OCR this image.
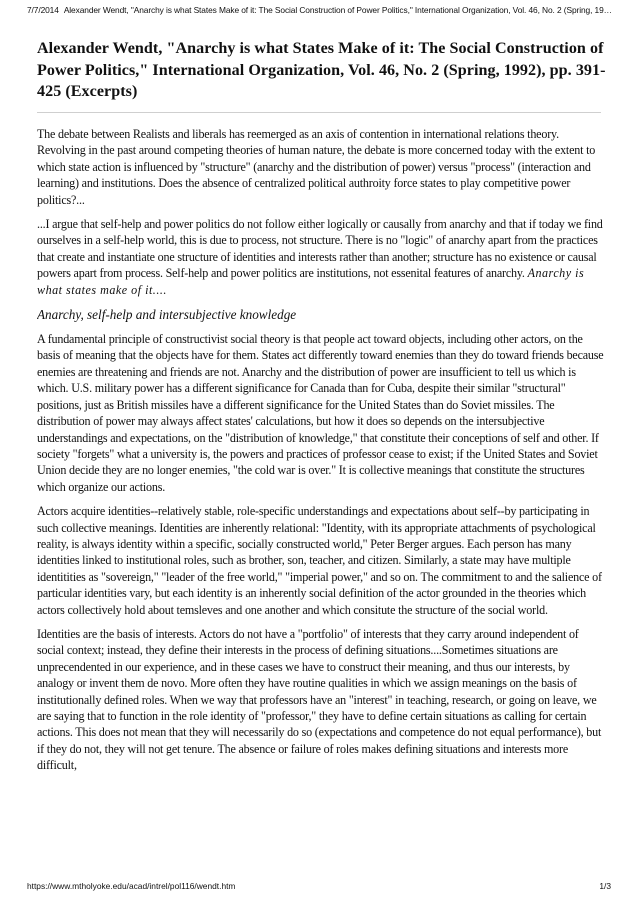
7/7/2014 Alexander Wendt, "Anarchy is what States Make of it: The Social Construction of Power Politics," International Organization, Vol. 46, No. 2 (Spring, 19…
Alexander Wendt, "Anarchy is what States Make of it: The Social Construction of Power Politics," International Organization, Vol. 46, No. 2 (Spring, 1992), pp. 391-425 (Excerpts)

The debate between Realists and liberals has reemerged as an axis of contention in international relations theory. Revolving in the past around competing theories of human nature, the debate is more concerned today with the extent to which state action is influenced by "structure" (anarchy and the distribution of power) versus "process" (interaction and learning) and institutions. Does the absence of centralized political authroity force states to play competitive power politics?...

...I argue that self-help and power politics do not follow either logically or causally from anarchy and that if today we find ourselves in a self-help world, this is due to process, not structure. There is no "logic" of anarchy apart from the practices that create and instantiate one structure of identities and interests rather than another; structure has no existence or causal powers apart from process. Self-help and power politics are institutions, not essenital features of anarchy. Anarchy is what states make of it....

Anarchy, self-help and intersubjective knowledge

A fundamental principle of constructivist social theory is that people act toward objects, including other actors, on the basis of meaning that the objects have for them. States act differently toward enemies than they do toward friends because enemies are threatening and friends are not. Anarchy and the distribution of power are insufficient to tell us which is which. U.S. military power has a different significance for Canada than for Cuba, despite their similar "structural" positions, just as British missiles have a different significance for the United States than do Soviet missiles. The distribution of power may always affect states' calculations, but how it does so depends on the intersubjective understandings and expectations, on the "distribution of knowledge," that constitute their conceptions of self and other. If society "forgets" what a university is, the powers and practices of professor cease to exist; if the United States and Soviet Union decide they are no longer enemies, "the cold war is over." It is collective meanings that constitute the structures which organize our actions.

Actors acquire identities--relatively stable, role-specific understandings and expectations about self--by participating in such collective meanings. Identities are inherently relational: "Identity, with its appropriate attachments of psychological reality, is always identity within a specific, socially constructed world," Peter Berger argues. Each person has many identities linked to institutional roles, such as brother, son, teacher, and citizen. Similarly, a state may have multiple identitities as "sovereign," "leader of the free world," "imperial power," and so on. The commitment to and the salience of particular identities vary, but each identity is an inherently social definition of the actor grounded in the theories which actors collectively hold about temsleves and one another and which consitute the structure of the social world.

Identities are the basis of interests. Actors do not have a "portfolio" of interests that they carry around independent of social context; instead, they define their interests in the process of defining situations....Sometimes situations are unprecendented in our experience, and in these cases we have to construct their meaning, and thus our interests, by analogy or invent them de novo. More often they have routine qualities in which we assign meanings on the basis of institutionally defined roles. When we way that professors have an "interest" in teaching, research, or going on leave, we are saying that to function in the role identity of "professor," they have to define certain situations as calling for certain actions. This does not mean that they will necessarily do so (expectations and competence do not equal performance), but if they do not, they will not get tenure. The absence or failure of roles makes defining situations and interests more difficult,

https://www.mtholyoke.edu/acad/intrel/pol116/wendt.htm	1/3
